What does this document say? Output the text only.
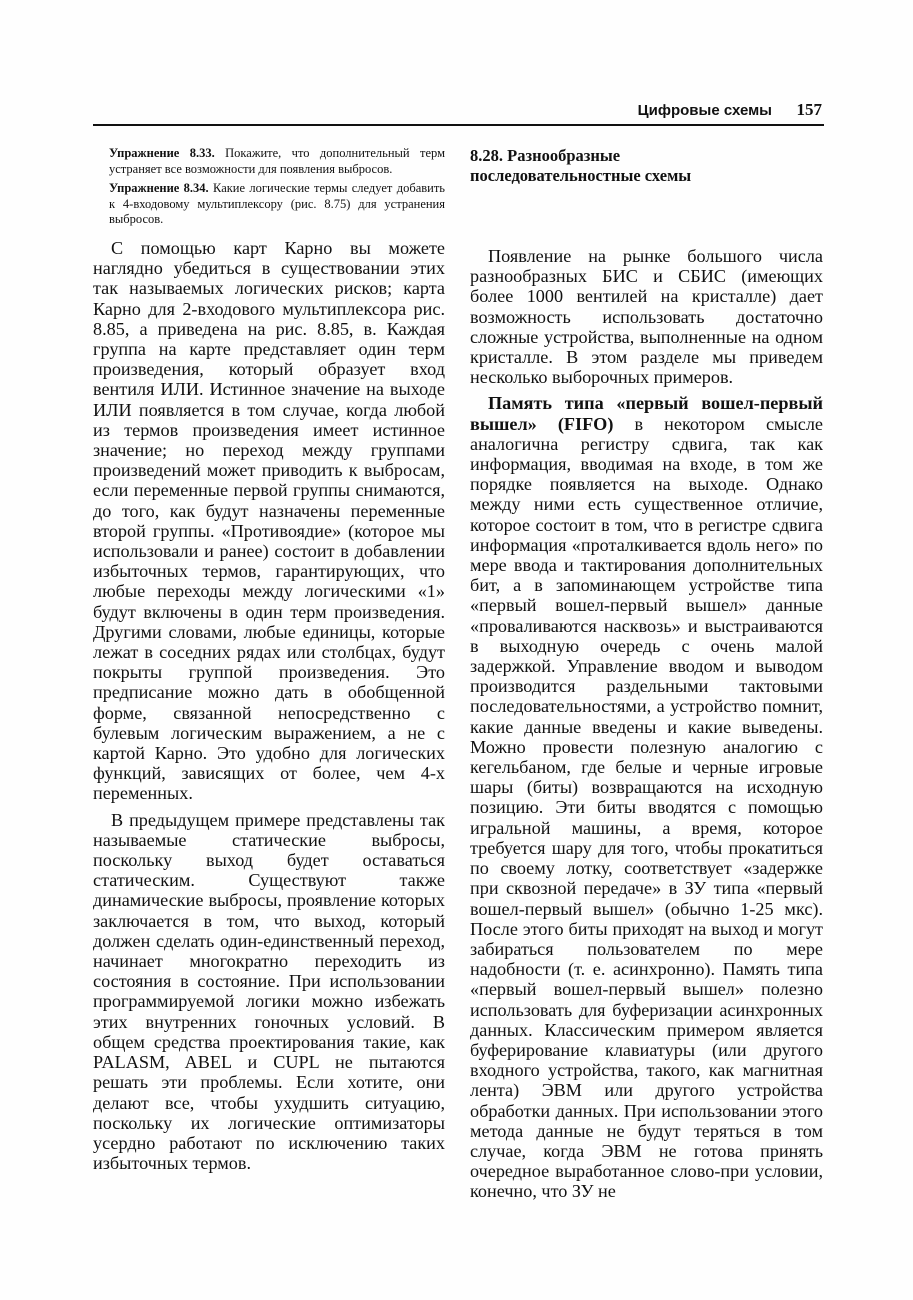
Цифровые схемы 157

Упражнение 8.33. Покажите, что дополнительный терм устраняет все возможности для появления выбросов.

Упражнение 8.34. Какие логические термы следует добавить к 4-входовому мультиплексору (рис. 8.75) для устранения выбросов.

С помощью карт Карно вы можете наглядно убедиться в существовании этих так называемых логических рисков; карта Карно для 2-входового мультиплексора рис. 8.85, а приведена на рис. 8.85, в. Каждая группа на карте представляет один терм произведения, который образует вход вентиля ИЛИ. Истинное значение на выходе ИЛИ появляется в том случае, когда любой из термов произведения имеет истинное значение; но переход между группами произведений может приводить к выбросам, если переменные первой группы снимаются, до того, как будут назначены переменные второй группы. «Противоядие» (которое мы использовали и ранее) состоит в добавлении избыточных термов, гарантирующих, что любые переходы между логическими «1» будут включены в один терм произведения. Другими словами, любые единицы, которые лежат в соседних рядах или столбцах, будут покрыты группой произведения. Это предписание можно дать в обобщенной форме, связанной непосредственно с булевым логическим выражением, а не с картой Карно. Это удобно для логических функций, зависящих от более, чем 4-х переменных.

В предыдущем примере представлены так называемые статические выбросы, поскольку выход будет оставаться статическим. Существуют также динамические выбросы, проявление которых заключается в том, что выход, который должен сделать один-единственный переход, начинает многократно переходить из состояния в состояние. При использовании программируемой логики можно избежать этих внутренних гоночных условий. В общем средства проектирования такие, как PALASM, ABEL и CUPL не пытаются решать эти проблемы. Если хотите, они делают все, чтобы ухудшить ситуацию, поскольку их логические оптимизаторы усердно работают по исключению таких избыточных термов.

8.28. Разнообразные
последовательностные схемы

Появление на рынке большого числа разнообразных БИС и СБИС (имеющих более 1000 вентилей на кристалле) дает возможность использовать достаточно сложные устройства, выполненные на одном кристалле. В этом разделе мы приведем несколько выборочных примеров.

Память типа «первый вошел-первый вышел» (FIFO) в некотором смысле аналогична регистру сдвига, так как информация, вводимая на входе, в том же порядке появляется на выходе. Однако между ними есть существенное отличие, которое состоит в том, что в регистре сдвига информация «проталкивается вдоль него» по мере ввода и тактирования дополнительных бит, а в запоминающем устройстве типа «первый вошел-первый вышел» данные «проваливаются насквозь» и выстраиваются в выходную очередь с очень малой задержкой. Управление вводом и выводом производится раздельными тактовыми последовательностями, а устройство помнит, какие данные введены и какие выведены. Можно провести полезную аналогию с кегельбаном, где белые и черные игровые шары (биты) возвращаются на исходную позицию. Эти биты вводятся с помощью игральной машины, а время, которое требуется шару для того, чтобы прокатиться по своему лотку, соответствует «задержке при сквозной передаче» в ЗУ типа «первый вошел-первый вышел» (обычно 1-25 мкс). После этого биты приходят на выход и могут забираться пользователем по мере надобности (т. е. асинхронно). Память типа «первый вошел-первый вышел» полезно использовать для буферизации асинхронных данных. Классическим примером является буферирование клавиатуры (или другого входного устройства, такого, как магнитная лента) ЭВМ или другого устройства обработки данных. При использовании этого метода данные не будут теряться в том случае, когда ЭВМ не готова принять очередное выработанное слово-при условии, конечно, что ЗУ не
